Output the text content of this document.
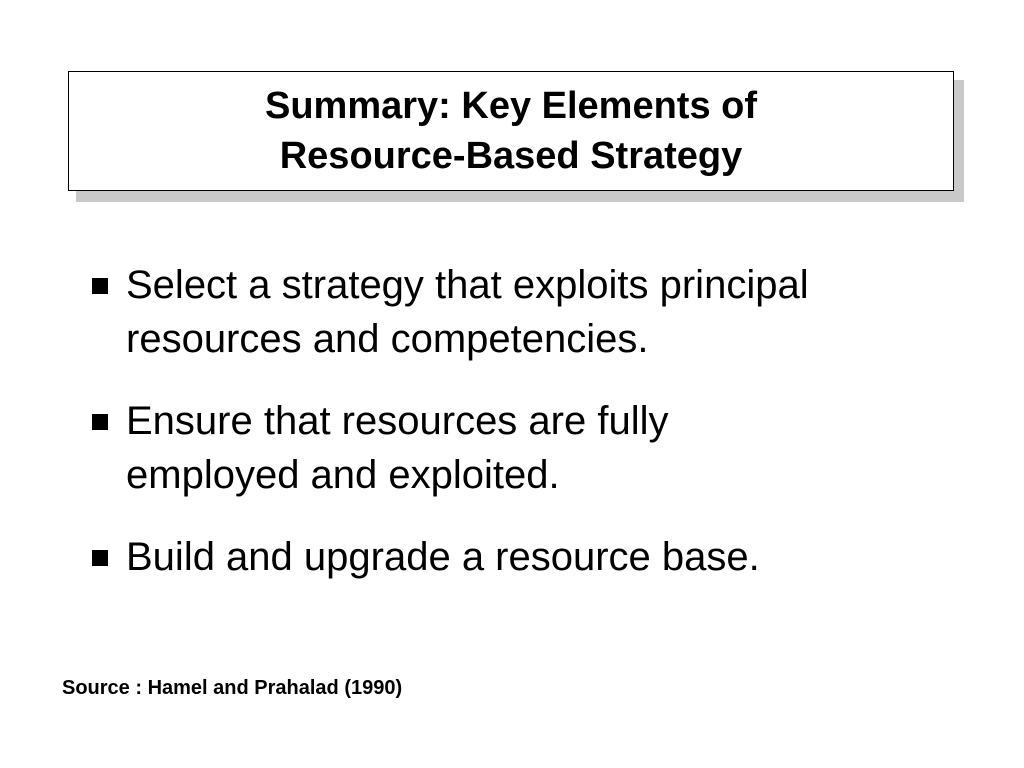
Summary: Key Elements of
Resource-Based Strategy
Select a strategy that exploits principal
resources and competencies.
Ensure that resources are fully
employed and exploited.
Build and upgrade a resource base.
Source : Hamel and Prahalad (1990)
